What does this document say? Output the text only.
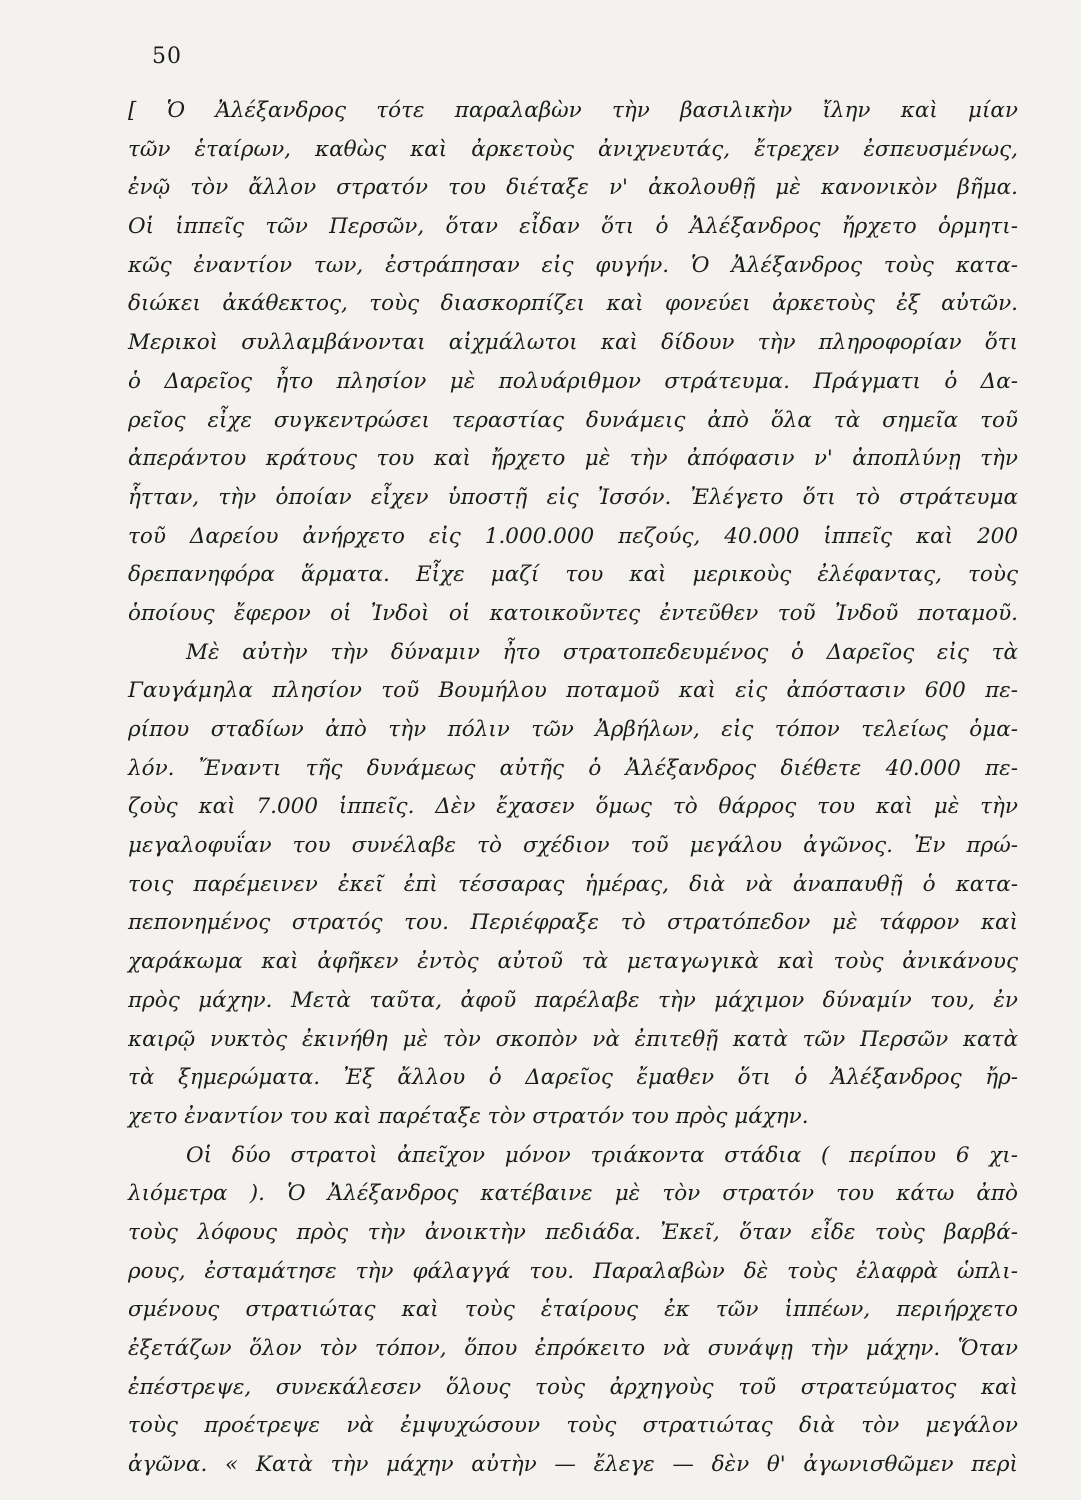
50
[ Ὁ Ἀλέξανδρος τότε παραλαβὼν τὴν βασιλικὴν ἴλην καὶ μίαν
τῶν ἑταίρων, καθὼς καὶ ἀρκετοὺς ἀνιχνευτάς, ἔτρεχεν ἐσπευσμένως,
ἐνῷ τὸν ἄλλον στρατόν του διέταξε ν' ἀκολουθῇ μὲ κανονικὸν βῆμα.
Οἱ ἱππεῖς τῶν Περσῶν, ὅταν εἶδαν ὅτι ὁ Ἀλέξανδρος ἤρχετο ὁρμητι-
κῶς ἐναντίον των, ἐστράπησαν εἰς φυγήν. Ὁ Ἀλέξανδρος τοὺς κατα-
διώκει ἀκάθεκτος, τοὺς διασκορπίζει καὶ φονεύει ἀρκετοὺς ἐξ αὐτῶν.
Μερικοὶ συλλαμβάνονται αἰχμάλωτοι καὶ δίδουν τὴν πληροφορίαν ὅτι
ὁ Δαρεῖος ἦτο πλησίον μὲ πολυάριθμον στράτευμα. Πράγματι ὁ Δα-
ρεῖος εἶχε συγκεντρώσει τεραστίας δυνάμεις ἀπὸ ὅλα τὰ σημεῖα τοῦ
ἀπεράντου κράτους του καὶ ἤρχετο μὲ τὴν ἀπόφασιν ν' ἀποπλύνῃ τὴν
ἧτταν, τὴν ὁποίαν εἶχεν ὑποστῇ εἰς Ἰσσόν. Ἐλέγετο ὅτι τὸ στράτευμα
τοῦ Δαρείου ἀνήρχετο εἰς 1.000.000 πεζούς, 40.000 ἱππεῖς καὶ 200
δρεπανηφόρα ἅρματα. Εἶχε μαζί του καὶ μερικοὺς ἐλέφαντας, τοὺς
ὁποίους ἔφερον οἱ Ἰνδοὶ οἱ κατοικοῦντες ἐντεῦθεν τοῦ Ἰνδοῦ ποταμοῦ.
Μὲ αὐτὴν τὴν δύναμιν ἦτο στρατοπεδευμένος ὁ Δαρεῖος εἰς τὰ
Γαυγάμηλα πλησίον τοῦ Βουμήλου ποταμοῦ καὶ εἰς ἀπόστασιν 600 πε-
ρίπου σταδίων ἀπὸ τὴν πόλιν τῶν Ἀρβήλων, εἰς τόπον τελείως ὁμα-
λόν. Ἔναντι τῆς δυνάμεως αὐτῆς ὁ Ἀλέξανδρος διέθετε 40.000 πε-
ζοὺς καὶ 7.000 ἱππεῖς. Δὲν ἔχασεν ὅμως τὸ θάρρος του καὶ μὲ τὴν
μεγαλοφυΐαν του συνέλαβε τὸ σχέδιον τοῦ μεγάλου ἀγῶνος. Ἐν πρώ-
τοις παρέμεινεν ἐκεῖ ἐπὶ τέσσαρας ἡμέρας, διὰ νὰ ἀναπαυθῇ ὁ κατα-
πεπονημένος στρατός του. Περιέφραξε τὸ στρατόπεδον μὲ τάφρον καὶ
χαράκωμα καὶ ἀφῆκεν ἐντὸς αὐτοῦ τὰ μεταγωγικὰ καὶ τοὺς ἀνικάνους
πρὸς μάχην. Μετὰ ταῦτα, ἀφοῦ παρέλαβε τὴν μάχιμον δύναμίν του, ἐν
καιρῷ νυκτὸς ἐκινήθη μὲ τὸν σκοπὸν νὰ ἐπιτεθῇ κατὰ τῶν Περσῶν κατὰ
τὰ ξημερώματα. Ἐξ ἄλλου ὁ Δαρεῖος ἔμαθεν ὅτι ὁ Ἀλέξανδρος ἤρ-
χετο ἐναντίον του καὶ παρέταξε τὸν στρατόν του πρὸς μάχην.
Οἱ δύο στρατοὶ ἀπεῖχον μόνον τριάκοντα στάδια ( περίπου 6 χι-
λιόμετρα ). Ὁ Ἀλέξανδρος κατέβαινε μὲ τὸν στρατόν του κάτω ἀπὸ
τοὺς λόφους πρὸς τὴν ἀνοικτὴν πεδιάδα. Ἐκεῖ, ὅταν εἶδε τοὺς βαρβά-
ρους, ἐσταμάτησε τὴν φάλαγγά του. Παραλαβὼν δὲ τοὺς ἐλαφρὰ ὡπλι-
σμένους στρατιώτας καὶ τοὺς ἑταίρους ἐκ τῶν ἱππέων, περιήρχετο
ἐξετάζων ὅλον τὸν τόπον, ὅπου ἐπρόκειτο νὰ συνάψῃ τὴν μάχην. Ὅταν
ἐπέστρεψε, συνεκάλεσεν ὅλους τοὺς ἀρχηγοὺς τοῦ στρατεύματος καὶ
τοὺς προέτρεψε νὰ ἐμψυχώσουν τοὺς στρατιώτας διὰ τὸν μεγάλον
ἀγῶνα. « Κατὰ τὴν μάχην αὐτὴν — ἔλεγε — δὲν θ' ἀγωνισθῶμεν περὶ
